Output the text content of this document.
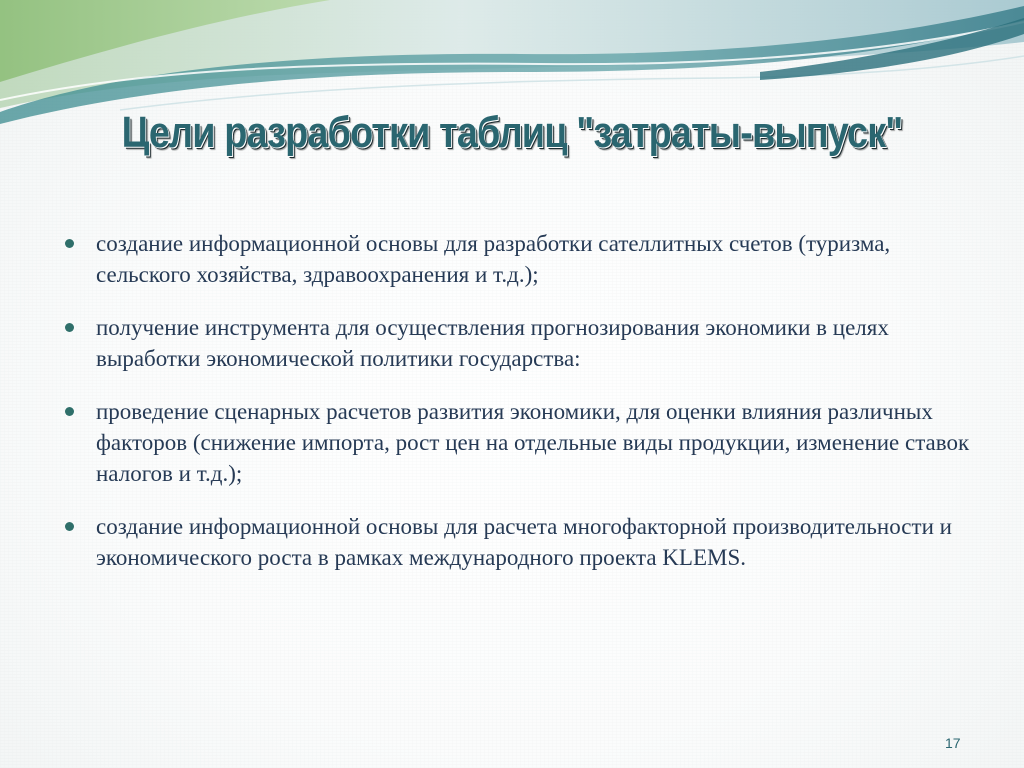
Цели разработки таблиц "затраты-выпуск"
создание информационной основы для разработки сателлитных счетов (туризма, сельского хозяйства, здравоохранения и т.д.);
получение инструмента для осуществления прогнозирования экономики в целях выработки экономической политики государства:
проведение сценарных расчетов развития экономики, для оценки влияния различных факторов (снижение импорта, рост цен на отдельные виды продукции, изменение ставок налогов и т.д.);
создание информационной основы для расчета многофакторной производительности и экономического роста в рамках международного проекта KLEMS.
17
